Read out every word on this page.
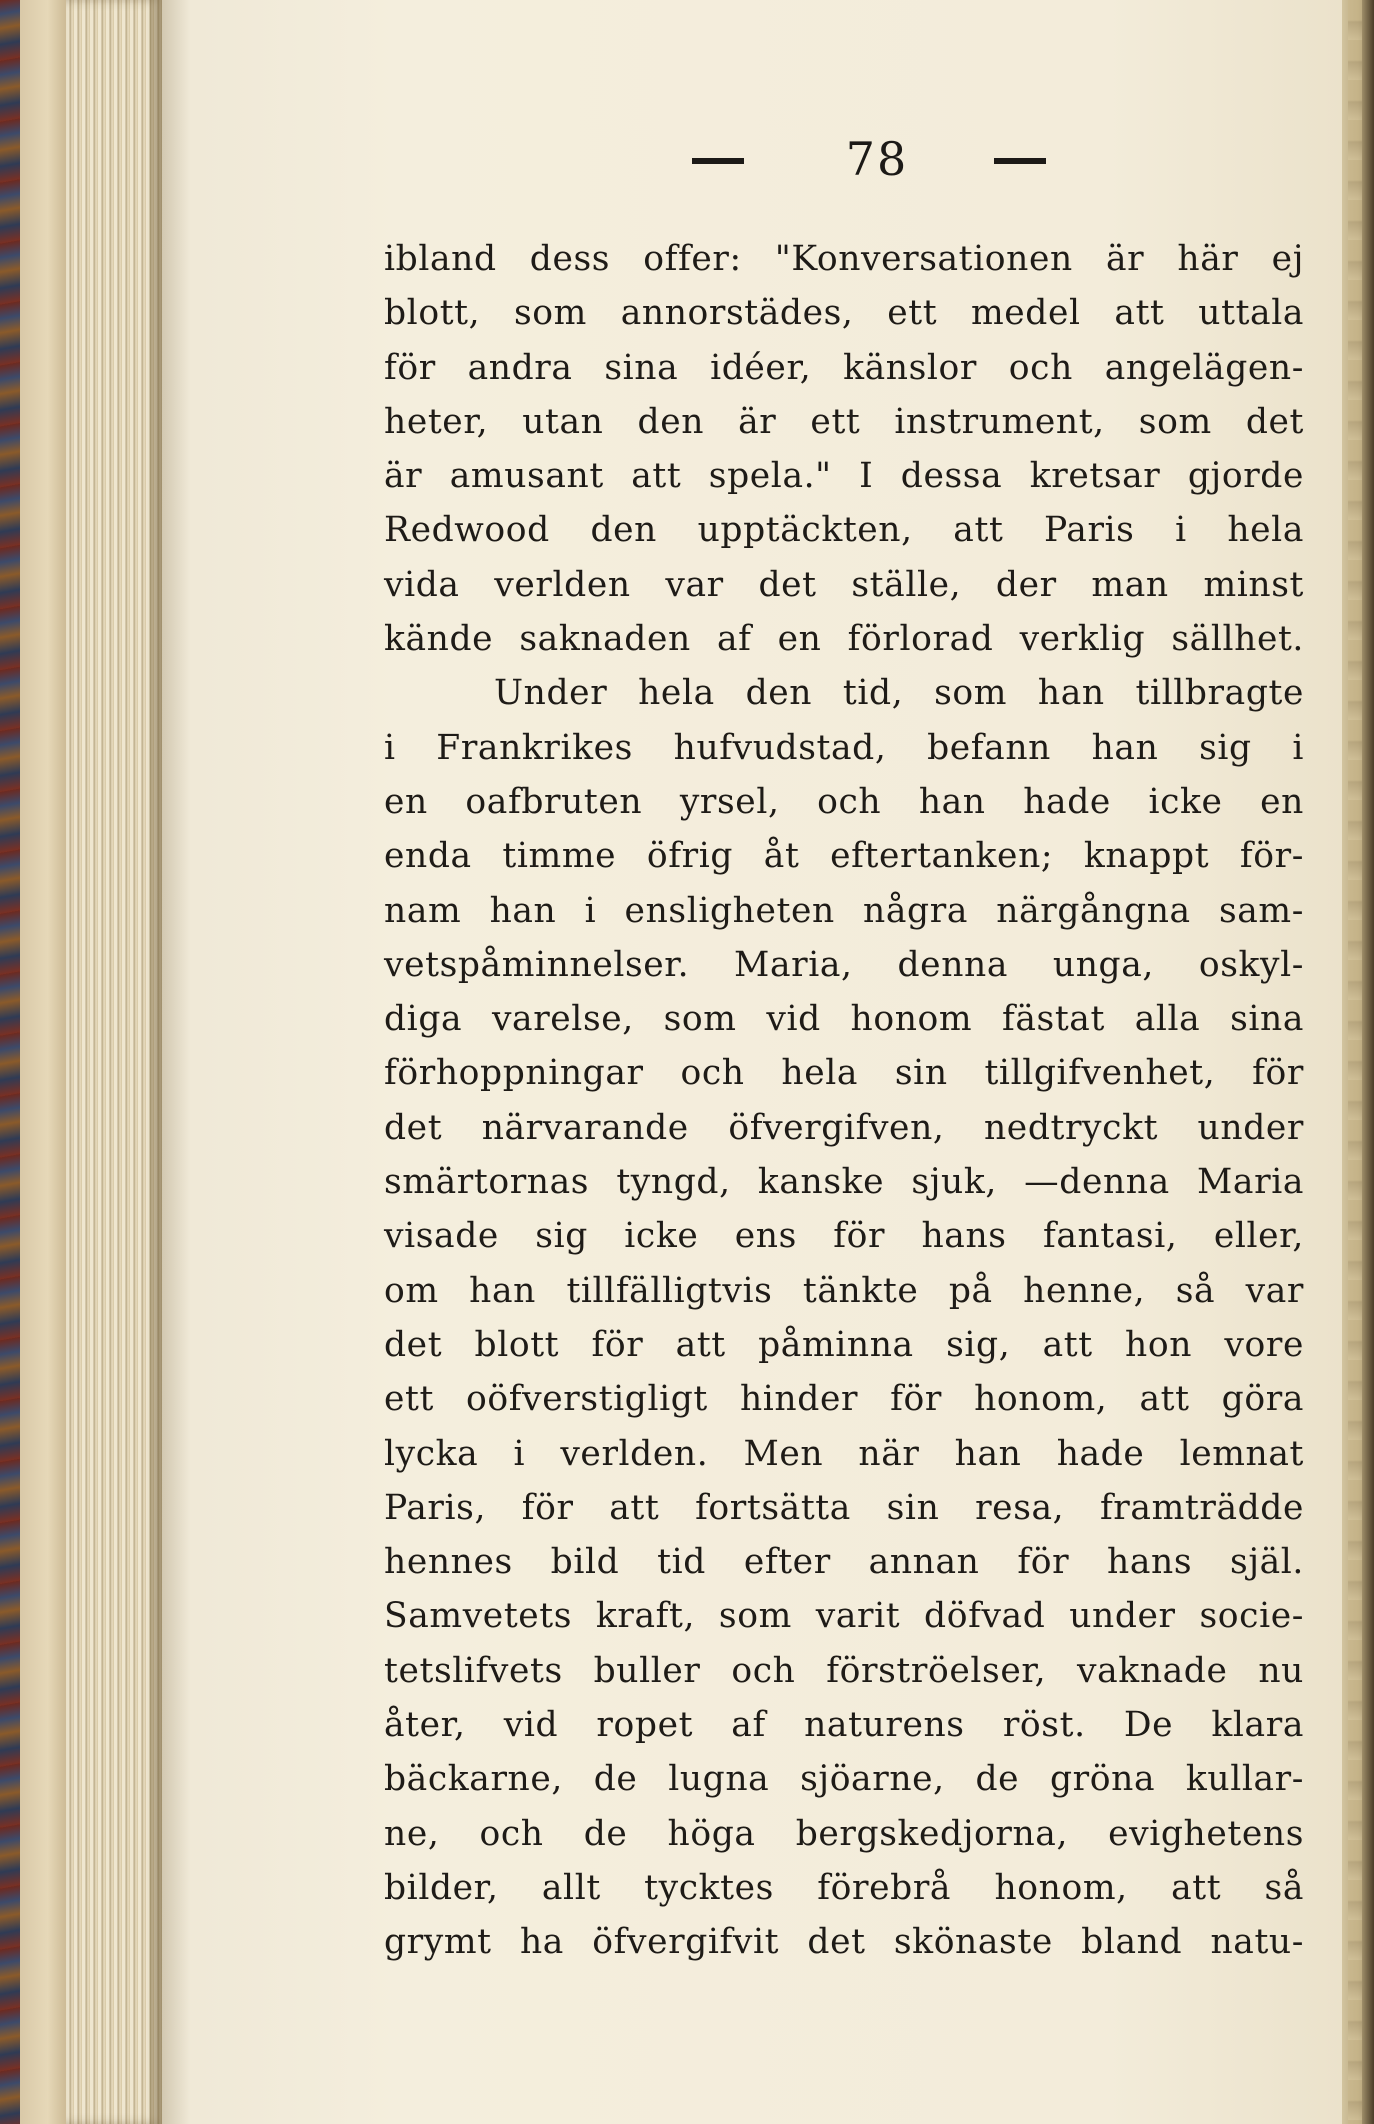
78
ibland dess offer: "Konversationen är här ej
blott, som annorstädes, ett medel att uttala
för andra sina idéer, känslor och angelägen-
heter, utan den är ett instrument, som det
är amusant att spela." I dessa kretsar gjorde
Redwood den upptäckten, att Paris i hela
vida verlden var det ställe, der man minst
kände saknaden af en förlorad verklig sällhet.
Under hela den tid, som han tillbragte
i Frankrikes hufvudstad, befann han sig i
en oafbruten yrsel, och han hade icke en
enda timme öfrig åt eftertanken; knappt för-
nam han i ensligheten några närgångna sam-
vetspåminnelser. Maria, denna unga, oskyl-
diga varelse, som vid honom fästat alla sina
förhoppningar och hela sin tillgifvenhet, för
det närvarande öfvergifven, nedtryckt under
smärtornas tyngd, kanske sjuk, —denna Maria
visade sig icke ens för hans fantasi, eller,
om han tillfälligtvis tänkte på henne, så var
det blott för att påminna sig, att hon vore
ett oöfverstigligt hinder för honom, att göra
lycka i verlden. Men när han hade lemnat
Paris, för att fortsätta sin resa, framträdde
hennes bild tid efter annan för hans själ.
Samvetets kraft, som varit döfvad under socie-
tetslifvets buller och förströelser, vaknade nu
åter, vid ropet af naturens röst. De klara
bäckarne, de lugna sjöarne, de gröna kullar-
ne, och de höga bergskedjorna, evighetens
bilder, allt tycktes förebrå honom, att så
grymt ha öfvergifvit det skönaste bland natu-
